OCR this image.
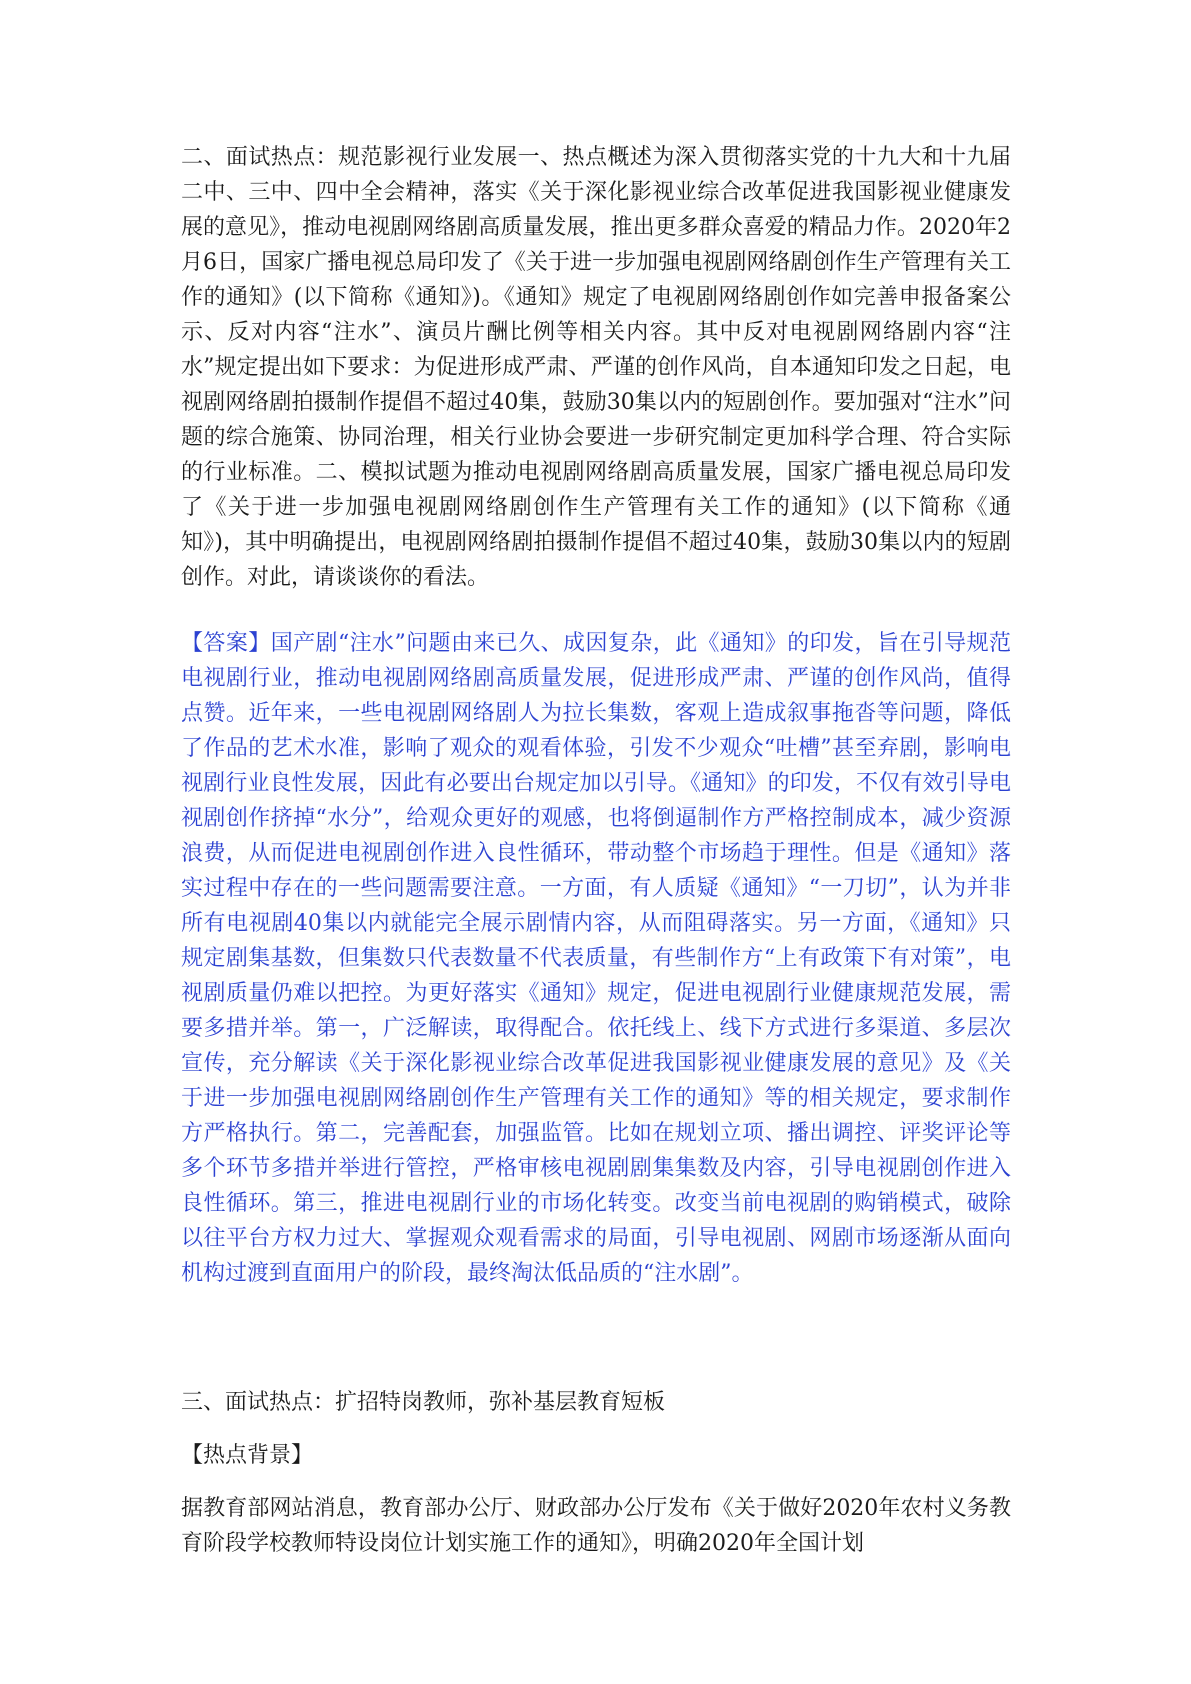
二、面试热点：规范影视行业发展一、热点概述为深入贯彻落实党的十九大和十九届二中、三中、四中全会精神，落实《关于深化影视业综合改革促进我国影视业健康发展的意见》，推动电视剧网络剧高质量发展，推出更多群众喜爱的精品力作。2020年2月6日，国家广播电视总局印发了《关于进一步加强电视剧网络剧创作生产管理有关工作的通知》(以下简称《通知》)。《通知》规定了电视剧网络剧创作如完善申报备案公示、反对内容“注水”、演员片酬比例等相关内容。其中反对电视剧网络剧内容“注水”规定提出如下要求：为促进形成严肃、严谨的创作风尚，自本通知印发之日起，电视剧网络剧拍摄制作提倡不超过40集，鼓励30集以内的短剧创作。要加强对“注水”问题的综合施策、协同治理，相关行业协会要进一步研究制定更加科学合理、符合实际的行业标准。二、模拟试题为推动电视剧网络剧高质量发展，国家广播电视总局印发了《关于进一步加强电视剧网络剧创作生产管理有关工作的通知》(以下简称《通知》)，其中明确提出，电视剧网络剧拍摄制作提倡不超过40集，鼓励30集以内的短剧创作。对此，请谈谈你的看法。

【答案】国产剧“注水”问题由来已久、成因复杂，此《通知》的印发，旨在引导规范电视剧行业，推动电视剧网络剧高质量发展，促进形成严肃、严谨的创作风尚，值得点赞。近年来，一些电视剧网络剧人为拉长集数，客观上造成叙事拖沓等问题，降低了作品的艺术水准，影响了观众的观看体验，引发不少观众“吐槽”甚至弃剧，影响电视剧行业良性发展，因此有必要出台规定加以引导。《通知》的印发，不仅有效引导电视剧创作挤掉“水分”，给观众更好的观感，也将倒逼制作方严格控制成本，减少资源浪费，从而促进电视剧创作进入良性循环，带动整个市场趋于理性。但是《通知》落实过程中存在的一些问题需要注意。一方面，有人质疑《通知》“一刀切”，认为并非所有电视剧40集以内就能完全展示剧情内容，从而阻碍落实。另一方面，《通知》只规定剧集基数，但集数只代表数量不代表质量，有些制作方“上有政策下有对策”，电视剧质量仍难以把控。为更好落实《通知》规定，促进电视剧行业健康规范发展，需要多措并举。第一，广泛解读，取得配合。依托线上、线下方式进行多渠道、多层次宣传，充分解读《关于深化影视业综合改革促进我国影视业健康发展的意见》及《关于进一步加强电视剧网络剧创作生产管理有关工作的通知》等的相关规定，要求制作方严格执行。第二，完善配套，加强监管。比如在规划立项、播出调控、评奖评论等多个环节多措并举进行管控，严格审核电视剧剧集集数及内容，引导电视剧创作进入良性循环。第三，推进电视剧行业的市场化转变。改变当前电视剧的购销模式，破除以往平台方权力过大、掌握观众观看需求的局面，引导电视剧、网剧市场逐渐从面向机构过渡到直面用户的阶段，最终淘汰低品质的“注水剧”。

三、面试热点：扩招特岗教师，弥补基层教育短板

【热点背景】

据教育部网站消息，教育部办公厅、财政部办公厅发布《关于做好2020年农村义务教育阶段学校教师特设岗位计划实施工作的通知》，明确2020年全国计划
